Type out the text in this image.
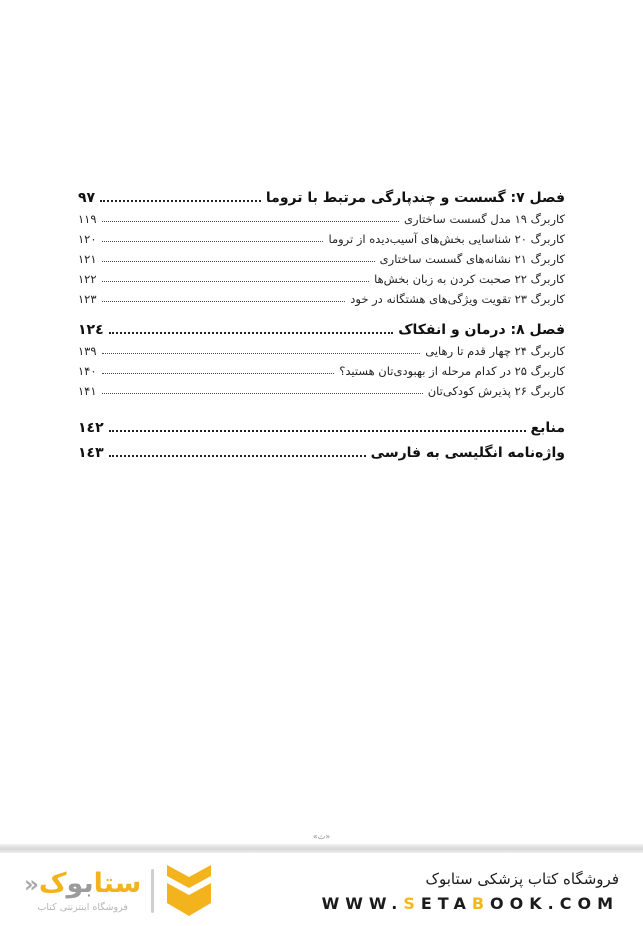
فصل ۷: گسست و چندپارگی مرتبط با تروما
٩٧
کاربرگ ۱۹ مدل گسست ساختاری
۱۱۹
کاربرگ ۲۰ شناسایی بخش‌های آسیب‌دیده از تروما
۱۲۰
کاربرگ ۲۱ نشانه‌های گسست ساختاری
۱۲۱
کاربرگ ۲۲ صحبت کردن به زبان بخش‌ها
۱۲۲
کاربرگ ۲۳ تقویت ویژگی‌های هشتگانه در خود
۱۲۳
فصل ۸: درمان و انفکاک
١٢٤
کاربرگ ۲۴ چهار قدم تا رهایی
۱۳۹
کاربرگ ۲۵ در کدام مرحله از بهبودی‌تان هستید؟
۱۴۰
کاربرگ ۲۶ پذیرش کودکی‌تان
۱۴۱
منابع
١٤٢
واژه‌نامه انگلیسی به فارسی
١٤٣
«ث»
ستابوک«
فروشگاه اینترنتی کتاب
فروشگاه کتاب پزشکی ستابوک
WWW.SETABOOK.COM
